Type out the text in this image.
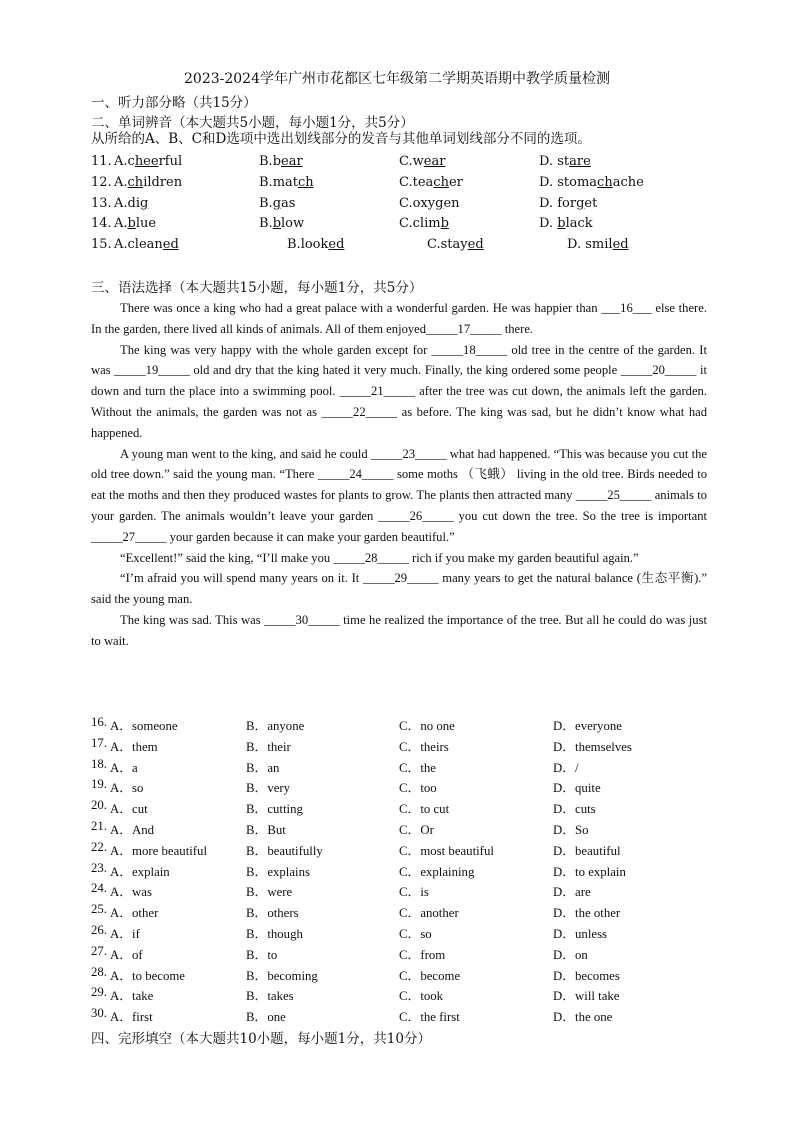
2023-2024学年广州市花都区七年级第二学期英语期中教学质量检测
一、听力部分略（共15分）
二、单词辨音（本大题共5小题，每小题1分，共5分）
从所给的A、B、C和D选项中选出划线部分的发音与其他单词划线部分不同的选项。
11. A.cheerful	B.bear	C.wear	D. stare
12. A.children	B.match	C.teacher	D. stomachache
13. A.dig	B.gas	C.oxygen	D. forget
14. A.blue	B.blow	C.climb	D. black
15. A.cleaned	B.looked	C.stayed	D. smiled
三、语法选择（本大题共15小题，每小题1分，共5分）

There was once a king who had a great palace with a wonderful garden. He was happier than ___16___ else there. In the garden, there lived all kinds of animals. All of them enjoyed_____17_____ there.

The king was very happy with the whole garden except for _____18_____ old tree in the centre of the garden. It was _____19_____ old and dry that the king hated it very much. Finally, the king ordered some people _____20_____ it down and turn the place into a swimming pool. _____21_____ after the tree was cut down, the animals left the garden. Without the animals, the garden was not as _____22_____ as before. The king was sad, but he didn’t know what had happened.

A young man went to the king, and said he could _____23_____ what had happened. “This was because you cut the old tree down.” said the young man. “There _____24_____ some moths （飞蛾） living in the old tree. Birds needed to eat the moths and then they produced wastes for plants to grow. The plants then attracted many _____25_____ animals to your garden. The animals wouldn’t leave your garden _____26_____ you cut down the tree. So the tree is important _____27_____ your garden because it can make your garden beautiful.”

“Excellent!” said the king, “I’ll make you _____28_____ rich if you make my garden beautiful again.”

“I’m afraid you will spend many years on it. It _____29_____ many years to get the natural balance (生态平衡).” said the young man.

The king was sad. This was _____30_____ time he realized the importance of the tree. But all he could do was just to wait.

16. A．someone	B．anyone	C．no one	D．everyone
17. A．them	B．their	C．theirs	D．themselves
18. A．a	B．an	C．the	D．/
19. A．so	B．very	C．too	D．quite
20. A．cut	B．cutting	C．to cut	D．cuts
21. A．And	B．But	C．Or	D．So
22. A．more beautiful	B．beautifully	C．most beautiful	D．beautiful
23. A．explain	B．explains	C．explaining	D．to explain
24. A．was	B．were	C．is	D．are
25. A．other	B．others	C．another	D．the other
26. A．if	B．though	C．so	D．unless
27. A．of	B．to	C．from	D．on
28. A．to become	B．becoming	C．become	D．becomes
29. A．take	B．takes	C．took	D．will take
30. A．first	B．one	C．the first	D．the one
四、完形填空（本大题共10小题，每小题1分，共10分）
